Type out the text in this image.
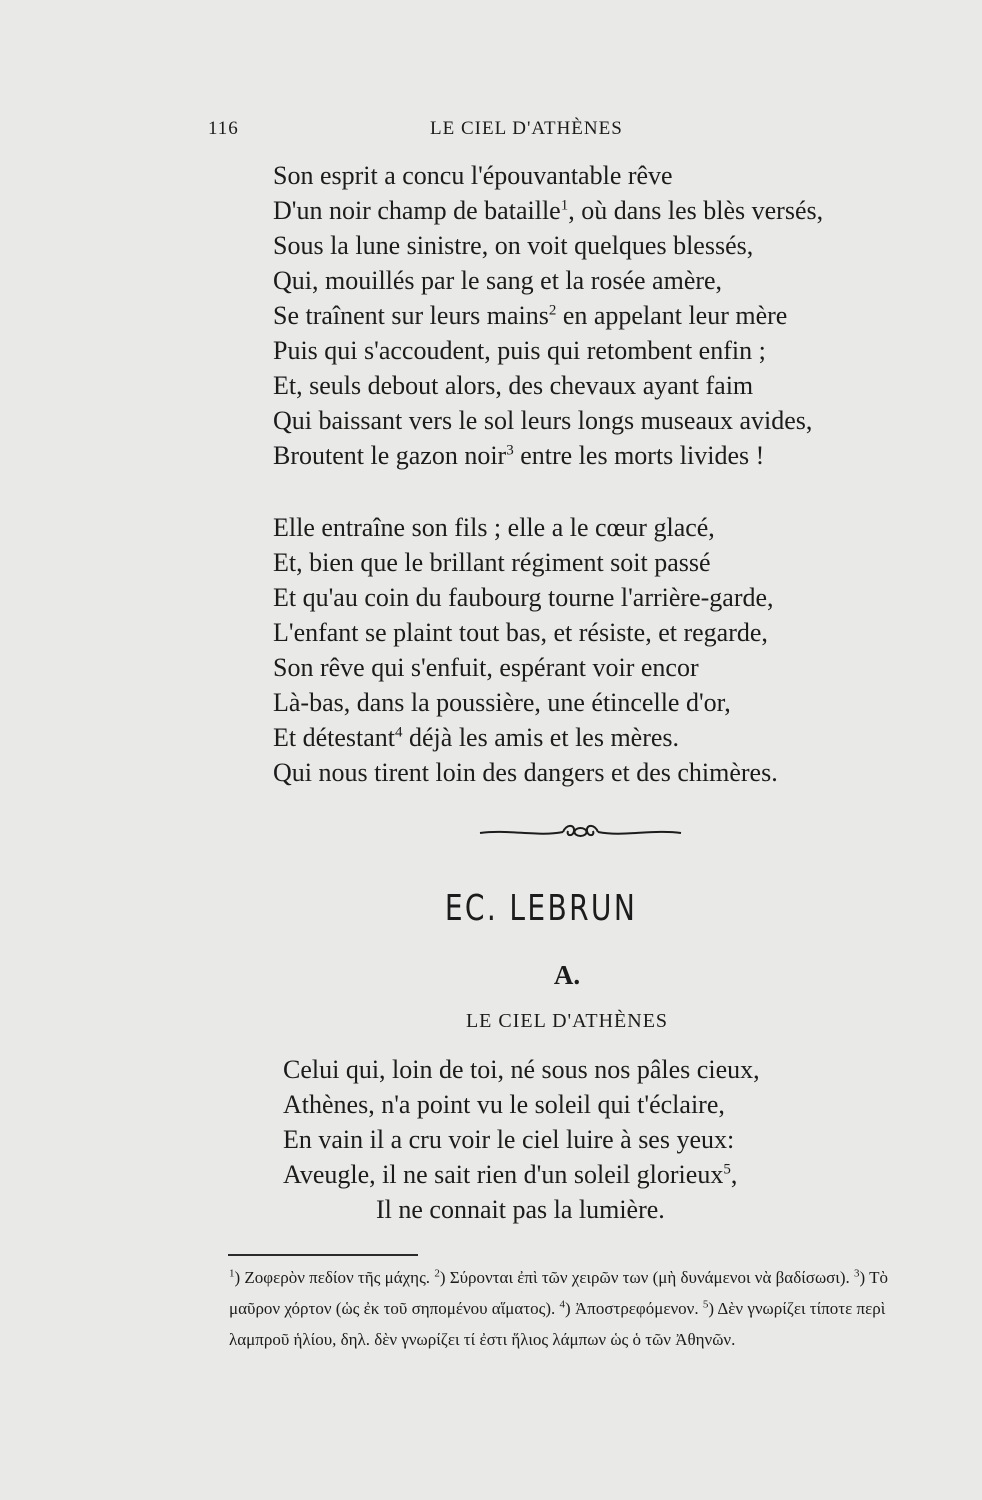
116	LE CIEL D'ATHÈNES
Son esprit a concu l'épouvantable rêve
D'un noir champ de bataille$^1$, où dans les blès versés,
Sous la lune sinistre, on voit quelques blessés,
Qui, mouillés par le sang et la rosée amère,
Se traînent sur leurs mains$^2$ en appelant leur mère
Puis qui s'accoudent, puis qui retombent enfin ;
Et, seuls debout alors, des chevaux ayant faim
Qui baissant vers le sol leurs longs museaux avides,
Broutent le gazon noir$^3$ entre les morts livides !
Elle entraîne son fils ; elle a le cœur glacé,
Et, bien que le brillant régiment soit passé
Et qu'au coin du faubourg tourne l'arrière-garde,
L'enfant se plaint tout bas, et résiste, et regarde,
Son rêve qui s'enfuit, espérant voir encor
Là-bas, dans la poussière, une étincelle d'or,
Et détestant$^4$ déjà les amis et les mères.
Qui nous tirent loin des dangers et des chimères.
EC. LEBRUN
A.
LE CIEL D'ATHÈNES
Celui qui, loin de toi, né sous nos pâles cieux,
Athènes, n'a point vu le soleil qui t'éclaire,
En vain il a cru voir le ciel luire à ses yeux:
Aveugle, il ne sait rien d'un soleil glorieux$^5$,
Il ne connait pas la lumière.

$^1$) Ζοφερὸν πεδίον τῆς μάχης. $^2$) Σύρονται ἐπὶ τῶν χειρῶν των (μὴ δυνάμενοι νὰ βαδίσωσι). $^3$) Τὸ μαῦρον χόρτον (ὡς ἐκ τοῦ σηπομένου αἵματος). $^4$) Ἀποστρεφόμενον. $^5$) Δὲν γνωρίζει τίποτε περὶ λαμπροῦ ἡλίου, δηλ. δὲν γνωρίζει τί ἐστι ἥλιος λάμπων ὡς ὁ τῶν Ἀθηνῶν.
